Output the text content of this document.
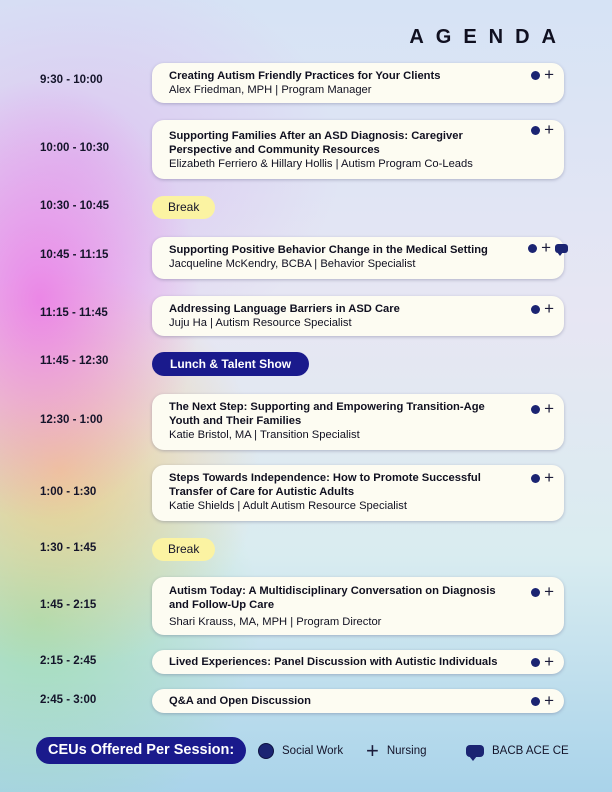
AGENDA
9:30 - 10:00	Creating Autism Friendly Practices for Your Clients
Alex Friedman, MPH | Program Manager
+
10:00 - 10:30
Supporting Families After an ASD Diagnosis: Caregiver Perspective and Community Resources
Elizabeth Ferriero & Hillary Hollis | Autism Program Co-Leads
+
10:30 - 10:45	Break
10:45 - 11:15	Supporting Positive Behavior Change in the Medical Setting
Jacqueline McKendry, BCBA | Behavior Specialist
+
11:15 - 11:45	Addressing Language Barriers in ASD Care
Juju Ha | Autism Resource Specialist
+
11:45 - 12:30	Lunch & Talent Show
12:30 - 1:00
The Next Step: Supporting and Empowering Transition-Age Youth and Their Families
Katie Bristol, MA | Transition Specialist
+
1:00 - 1:30
Steps Towards Independence: How to Promote Successful Transfer of Care for Autistic Adults
Katie Shields | Adult Autism Resource Specialist
+
1:30 - 1:45	Break
1:45 - 2:15
Autism Today: A Multidisciplinary Conversation on Diagnosis and Follow-Up Care
Shari Krauss, MA, MPH | Program Director
+
2:15 - 2:45	Lived Experiences: Panel Discussion with Autistic Individuals	+
2:45 - 3:00	Q&A and Open Discussion	+
CEUs Offered Per Session:	Social Work + Nursing	BACB ACE CE
